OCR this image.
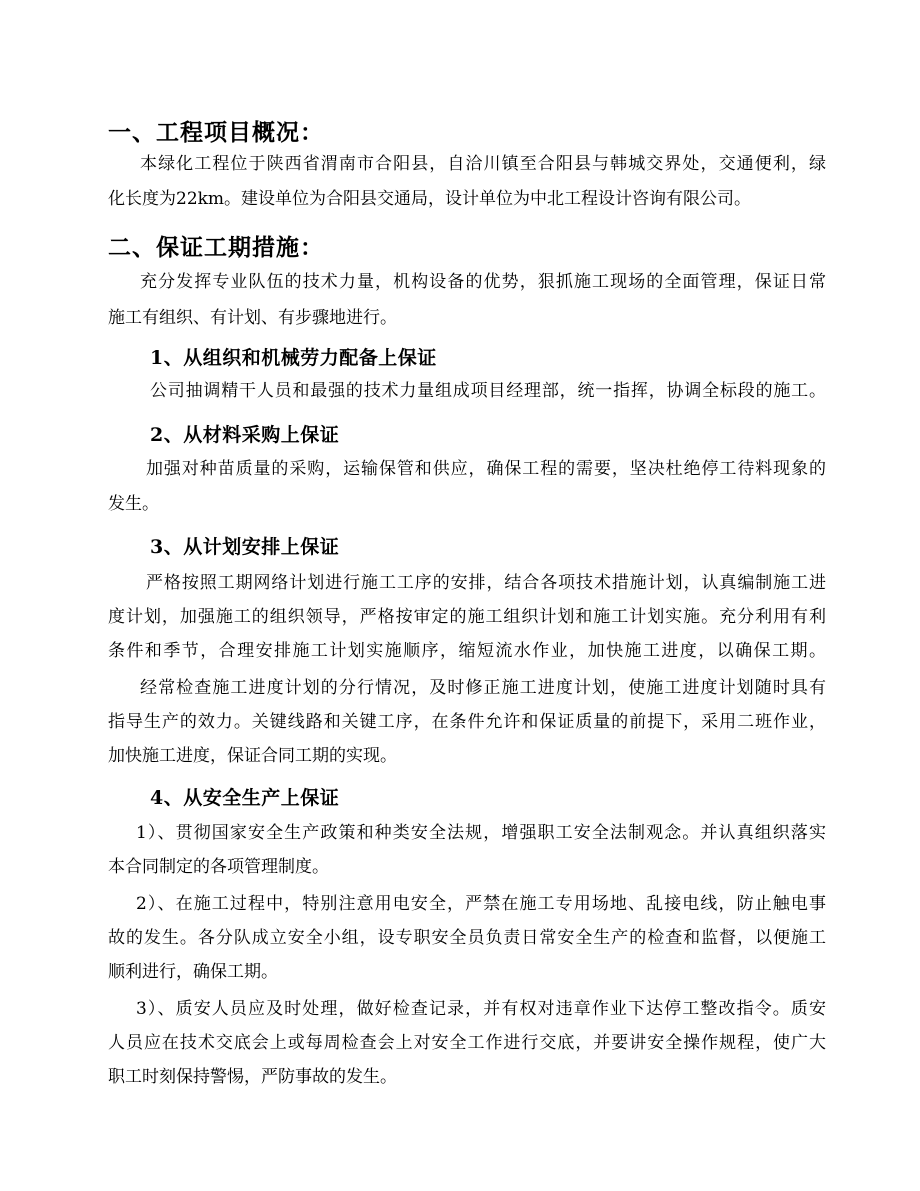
一、工程项目概况：
本绿化工程位于陕西省渭南市合阳县，自洽川镇至合阳县与韩城交界处，交通便利，绿
化长度为22km。建设单位为合阳县交通局，设计单位为中北工程设计咨询有限公司。
二、保证工期措施：
充分发挥专业队伍的技术力量，机构设备的优势，狠抓施工现场的全面管理，保证日常
施工有组织、有计划、有步骤地进行。
1、从组织和机械劳力配备上保证
公司抽调精干人员和最强的技术力量组成项目经理部，统一指挥，协调全标段的施工。
2、从材料采购上保证
加强对种苗质量的采购，运输保管和供应，确保工程的需要，坚决杜绝停工待料现象的
发生。
3、从计划安排上保证
严格按照工期网络计划进行施工工序的安排，结合各项技术措施计划，认真编制施工进
度计划，加强施工的组织领导，严格按审定的施工组织计划和施工计划实施。充分利用有利
条件和季节，合理安排施工计划实施顺序，缩短流水作业，加快施工进度，以确保工期。
经常检查施工进度计划的分行情况，及时修正施工进度计划，使施工进度计划随时具有
指导生产的效力。关键线路和关键工序，在条件允许和保证质量的前提下，采用二班作业，
加快施工进度，保证合同工期的实现。
4、从安全生产上保证
1）、贯彻国家安全生产政策和种类安全法规，增强职工安全法制观念。并认真组织落实
本合同制定的各项管理制度。
2）、在施工过程中，特别注意用电安全，严禁在施工专用场地、乱接电线，防止触电事
故的发生。各分队成立安全小组，设专职安全员负责日常安全生产的检查和监督，以便施工
顺利进行，确保工期。
3）、质安人员应及时处理，做好检查记录，并有权对违章作业下达停工整改指令。质安
人员应在技术交底会上或每周检查会上对安全工作进行交底，并要讲安全操作规程，使广大
职工时刻保持警惕，严防事故的发生。
